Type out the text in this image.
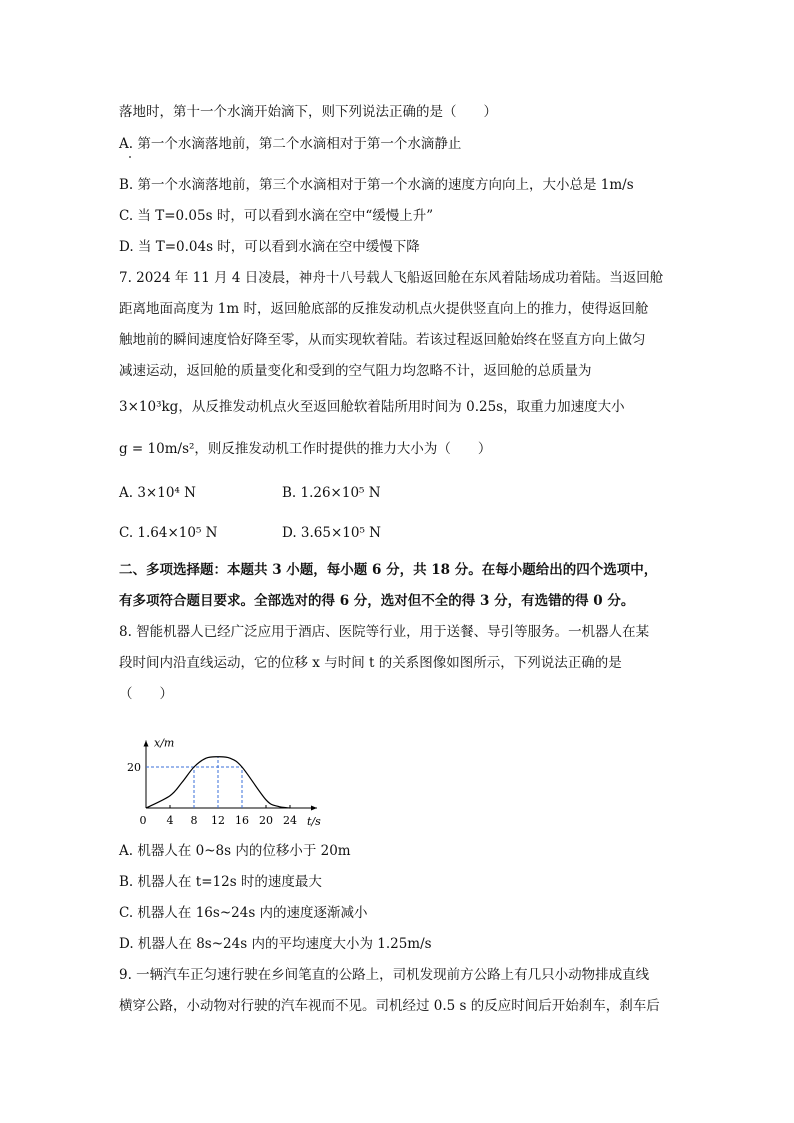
落地时，第十一个水滴开始滴下，则下列说法正确的是（　　）
A. 第一个水滴落地前，第二个水滴相对于第一个水滴静止
B. 第一个水滴落地前，第三个水滴相对于第一个水滴的速度方向向上，大小总是 1m/s
C. 当 T=0.05s 时，可以看到水滴在空中“缓慢上升”
D. 当 T=0.04s 时，可以看到水滴在空中缓慢下降
7. 2024 年 11 月 4 日凌晨，神舟十八号载人飞船返回舱在东风着陆场成功着陆。当返回舱
距离地面高度为 1m 时，返回舱底部的反推发动机点火提供竖直向上的推力，使得返回舱
触地前的瞬间速度恰好降至零，从而实现软着陆。若该过程返回舱始终在竖直方向上做匀
减速运动，返回舱的质量变化和受到的空气阻力均忽略不计，返回舱的总质量为
3×10³kg，从反推发动机点火至返回舱软着陆所用时间为 0.25s，取重力加速度大小
g = 10m/s²，则反推发动机工作时提供的推力大小为（　　）
A. 3×10⁴ N	B. 1.26×10⁵ N
C. 1.64×10⁵ N	D. 3.65×10⁵ N
二、多项选择题：本题共 3 小题，每小题 6 分，共 18 分。在每小题给出的四个选项中，
有多项符合题目要求。全部选对的得 6 分，选对但不全的得 3 分，有选错的得 0 分。
8. 智能机器人已经广泛应用于酒店、医院等行业，用于送餐、导引等服务。一机器人在某
段时间内沿直线运动，它的位移 x 与时间 t 的关系图像如图所示，下列说法正确的是
（　　）
t/s
x/m
0 4 8 12 16 20 24
20
A. 机器人在 0~8s 内的位移小于 20m
B. 机器人在 t=12s 时的速度最大
C. 机器人在 16s~24s 内的速度逐渐减小
D. 机器人在 8s~24s 内的平均速度大小为 1.25m/s
9. 一辆汽车正匀速行驶在乡间笔直的公路上，司机发现前方公路上有几只小动物排成直线
横穿公路，小动物对行驶的汽车视而不见。司机经过 0.5 s 的反应时间后开始刹车，刹车后
